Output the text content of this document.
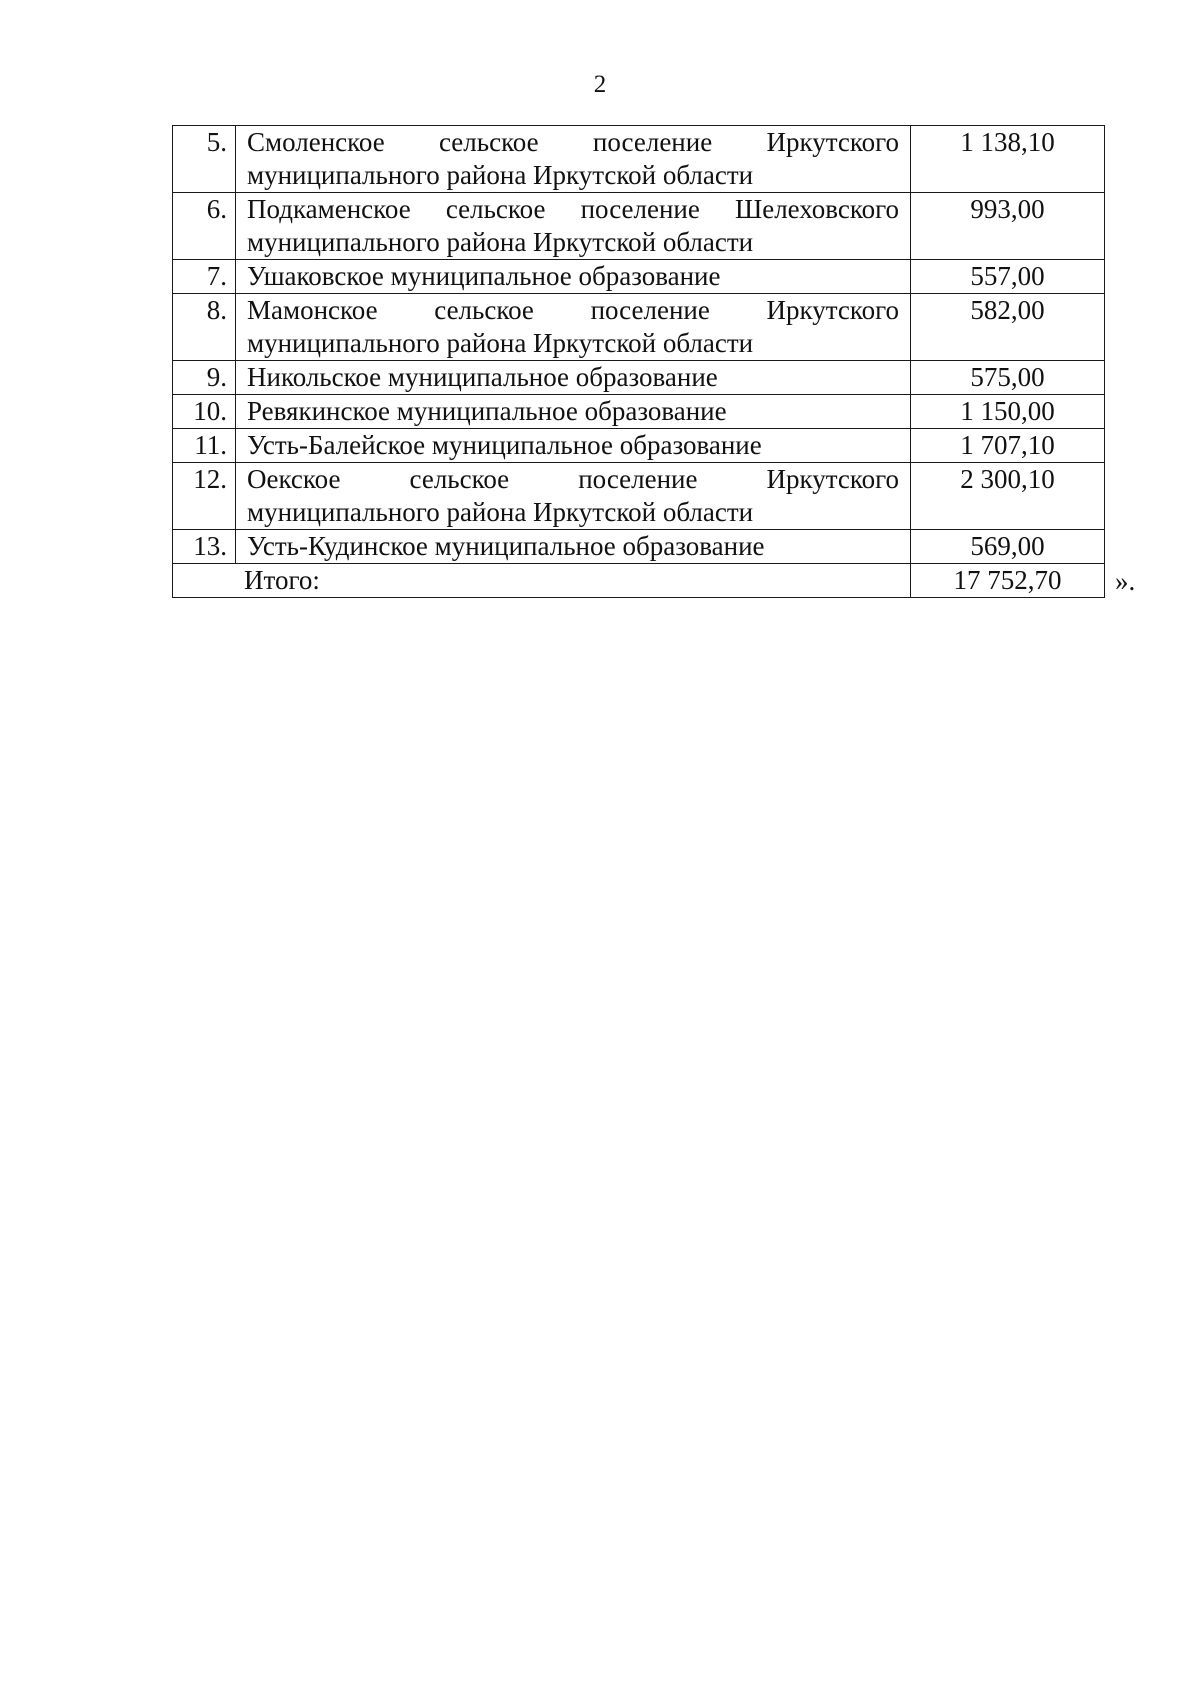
2
5.	Смоленское сельское поселение Иркутского муниципального района Иркутской области	1 138,10
6.	Подкаменское сельское поселение Шелеховского муниципального района Иркутской области	993,00
7.	Ушаковское муниципальное образование	557,00
8.	Мамонское сельское поселение Иркутского муниципального района Иркутской области	582,00
9.	Никольское муниципальное образование	575,00
10.	Ревякинское муниципальное образование	1 150,00
11.	Усть-Балейское муниципальное образование	1 707,10
12.	Оекское сельское поселение Иркутского муниципального района Иркутской области	2 300,10
13.	Усть-Кудинское муниципальное образование	569,00
Итого:		17 752,70 ».
